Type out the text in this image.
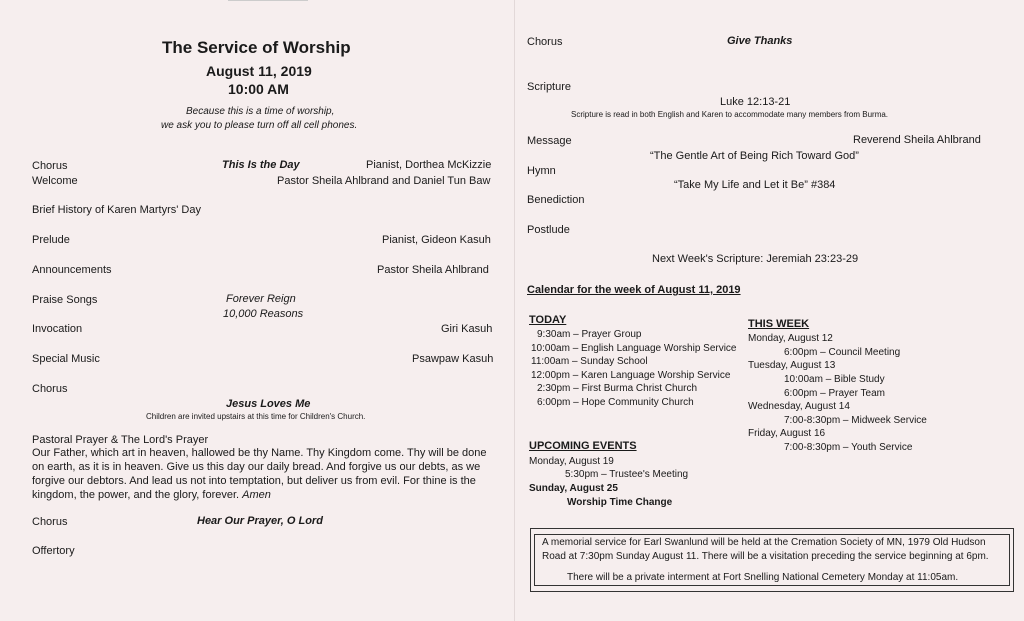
The Service of Worship
August 11, 2019
10:00 AM
Because this is a time of worship,
we ask you to please turn off all cell phones.
Chorus	This Is the Day	Pianist, Dorthea McKizzie
Welcome	Pastor Sheila Ahlbrand and Daniel Tun Baw
Brief History of Karen Martyrs' Day
Prelude	Pianist, Gideon Kasuh
Announcements	Pastor Sheila Ahlbrand
Praise Songs	Forever Reign
10,000 Reasons
Invocation	Giri Kasuh
Special Music	Psawpaw Kasuh
Chorus
Jesus Loves Me
Children are invited upstairs at this time for Children's Church.
Pastoral Prayer & The Lord's Prayer
Our Father, which art in heaven, hallowed be thy Name. Thy Kingdom come. Thy will be done on earth, as it is in heaven. Give us this day our daily bread. And forgive us our debts, as we forgive our debtors. And lead us not into temptation, but deliver us from evil. For thine is the kingdom, the power, and the glory, forever. Amen
Chorus	Hear Our Prayer, O Lord
Offertory
Chorus	Give Thanks
Scripture
Luke 12:13-21
Scripture is read in both English and Karen to accommodate many members from Burma.
Message	Reverend Sheila Ahlbrand
“The Gentle Art of Being Rich Toward God”
Hymn
“Take My Life and Let it Be” #384
Benediction
Postlude
Next Week's Scripture: Jeremiah 23:23-29
Calendar for the week of August 11, 2019
TODAY
9:30am – Prayer Group
10:00am – English Language Worship Service
11:00am – Sunday School
12:00pm – Karen Language Worship Service
2:30pm – First Burma Christ Church
6:00pm – Hope Community Church
THIS WEEK
Monday, August 12
6:00pm – Council Meeting
Tuesday, August 13
10:00am – Bible Study
6:00pm – Prayer Team
Wednesday, August 14
7:00-8:30pm – Midweek Service
Friday, August 16
7:00-8:30pm – Youth Service
UPCOMING EVENTS
Monday, August 19
5:30pm – Trustee's Meeting
Sunday, August 25
Worship Time Change
A memorial service for Earl Swanlund will be held at the Cremation Society of MN, 1979 Old Hudson
Road at 7:30pm Sunday August 11. There will be a visitation preceding the service beginning at 6pm.
There will be a private interment at Fort Snelling National Cemetery Monday at 11:05am.
